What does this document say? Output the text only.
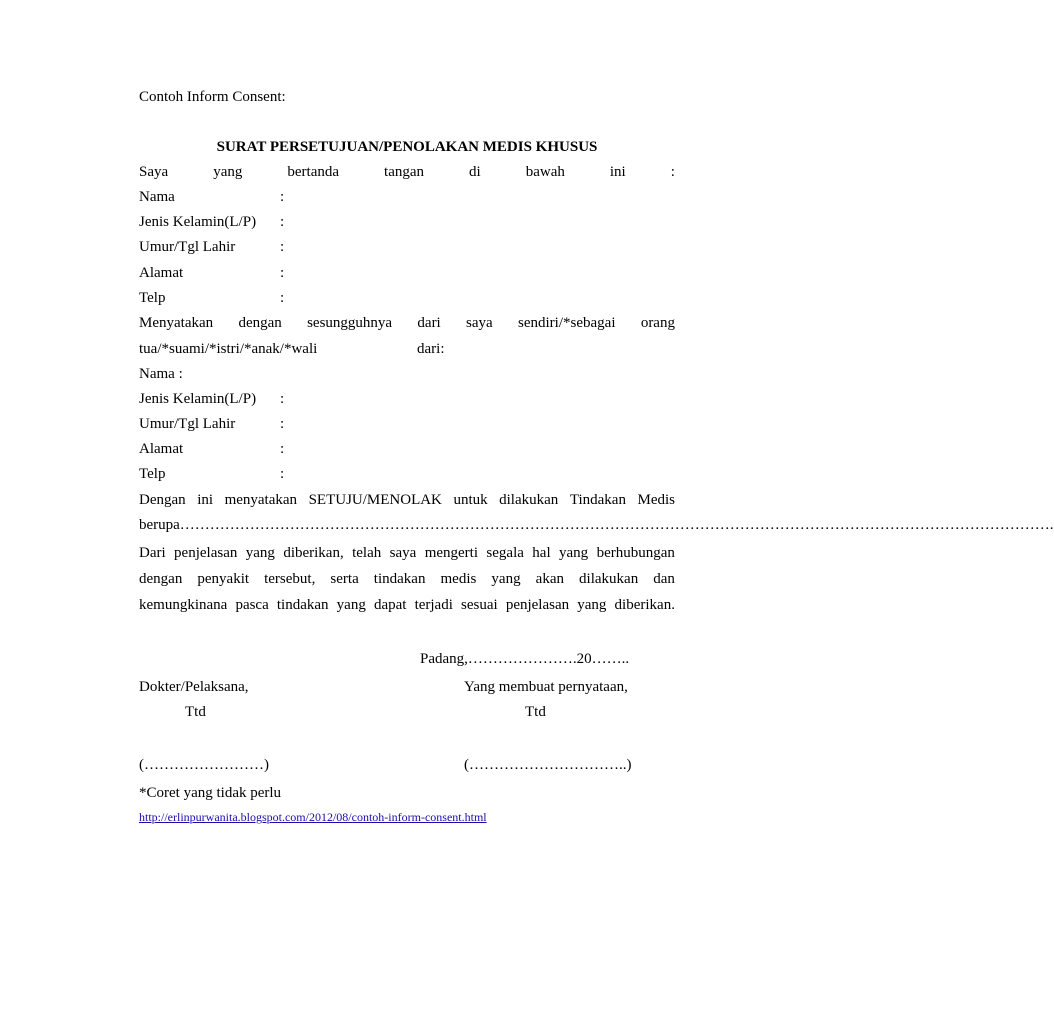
Contoh Inform Consent:
SURAT PERSETUJUAN/PENOLAKAN MEDIS KHUSUS
Saya	yang	bertanda	tangan	di	bawah	ini	:
Nama	:
Jenis Kelamin(L/P) :
Umur/Tgl Lahir	:
Alamat	:
Telp	:
Menyatakan dengan sesungguhnya dari saya sendiri/*sebagai orang
tua/*suami/*istri/*anak/*wali	dari:
Nama :
Jenis Kelamin(L/P) :
Umur/Tgl Lahir	:
Alamat	:
Telp	:
Dengan ini menyatakan SETUJU/MENOLAK untuk dilakukan Tindakan Medis
berupa………………………………………………………………………………………………………………………………………………………….
Dari penjelasan yang diberikan, telah saya mengerti segala hal yang berhubungan
dengan penyakit tersebut, serta tindakan medis yang akan dilakukan dan
kemungkinana pasca tindakan yang dapat terjadi sesuai penjelasan yang diberikan.
Padang,………………….20……..
Dokter/Pelaksana,	Yang membuat pernyataan,
Ttd	Ttd
(……………………)	(…………………………..)
*Coret yang tidak perlu
http://erlinpurwanita.blogspot.com/2012/08/contoh-inform-consent.html
